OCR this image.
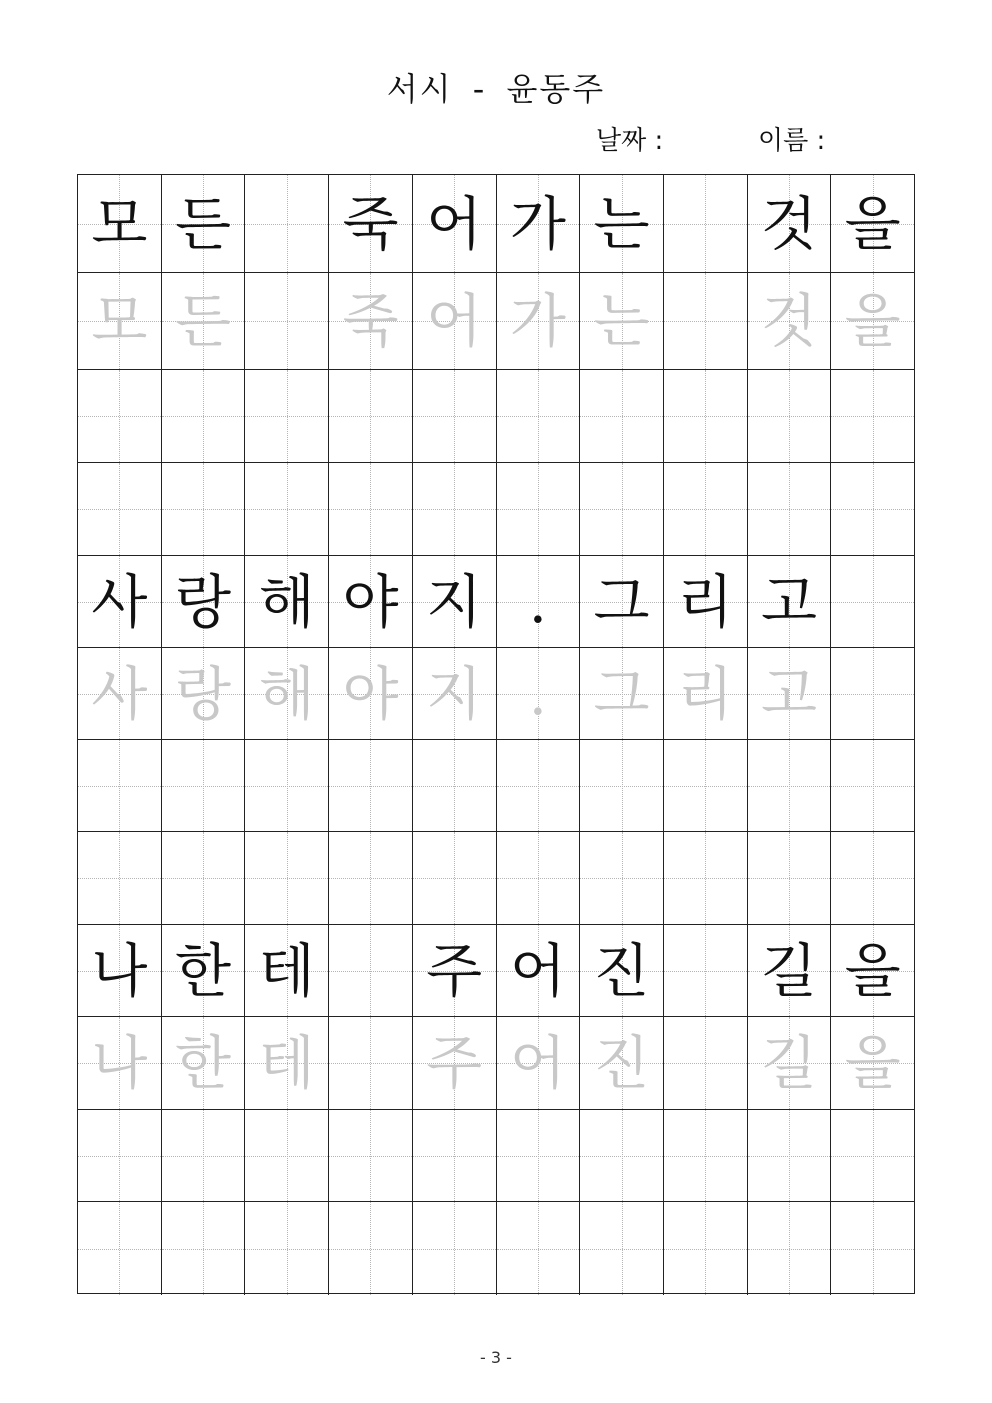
서시 - 윤동주
날짜 :	이름 :
모 든 죽 어 가 는 것 을
모 든 죽 어 가 는 것 을
사 랑 해 야 지 . 그 리 고
사 랑 해 야 지 . 그 리 고
나 한 테 주 어 진 길 을
나 한 테 주 어 진 길 을
- 3 -
